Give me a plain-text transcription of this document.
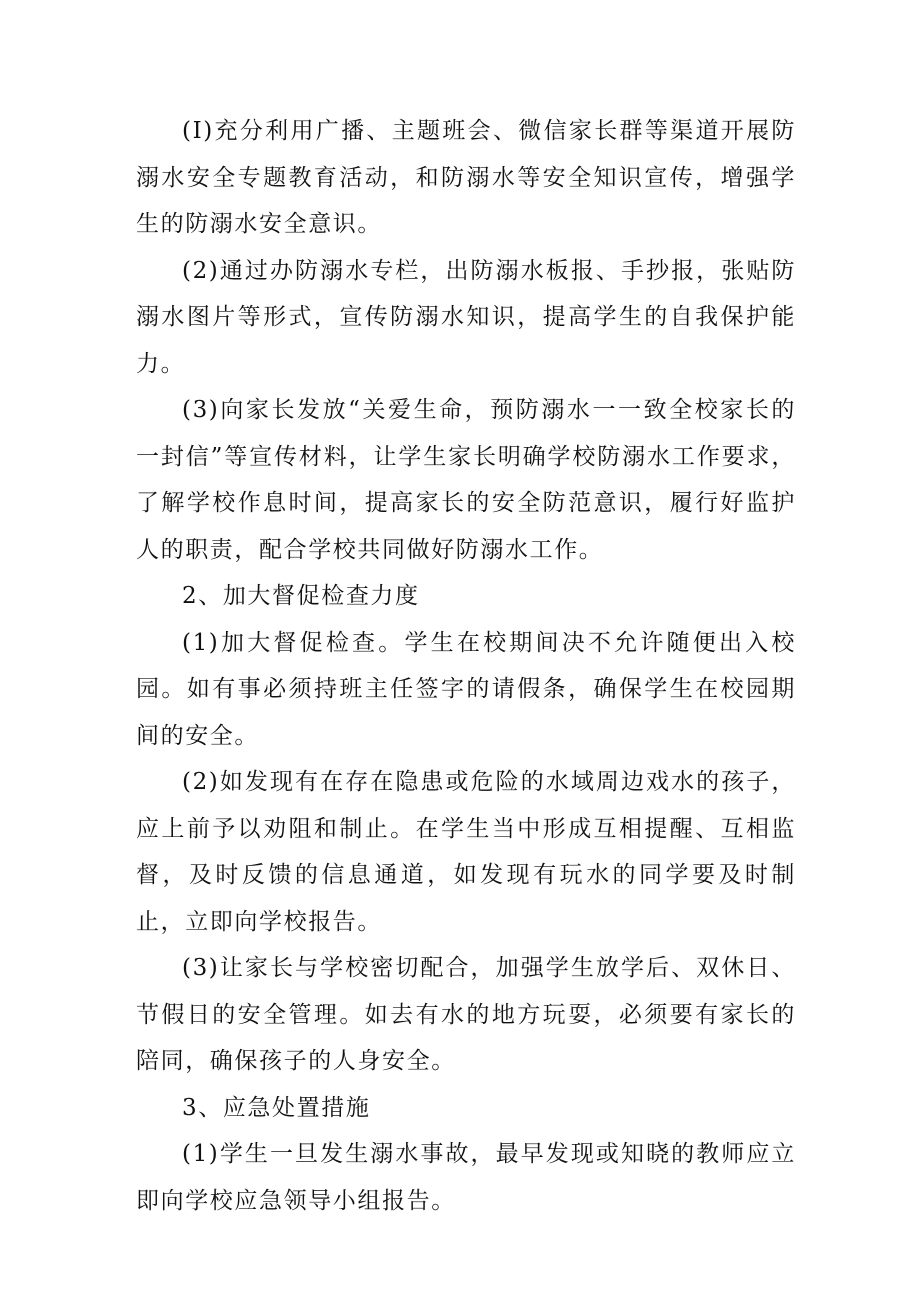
(I)充分利用广播、主题班会、微信家长群等渠道开展防溺水安全专题教育活动，和防溺水等安全知识宣传，增强学生的防溺水安全意识。

(2)通过办防溺水专栏，出防溺水板报、手抄报，张贴防溺水图片等形式，宣传防溺水知识，提高学生的自我保护能力。

(3)向家长发放“关爱生命，预防溺水一一致全校家长的一封信”等宣传材料，让学生家长明确学校防溺水工作要求，了解学校作息时间，提高家长的安全防范意识，履行好监护人的职责，配合学校共同做好防溺水工作。

2、加大督促检查力度

(1)加大督促检查。学生在校期间决不允许随便出入校园。如有事必须持班主任签字的请假条，确保学生在校园期间的安全。

(2)如发现有在存在隐患或危险的水域周边戏水的孩子，应上前予以劝阻和制止。在学生当中形成互相提醒、互相监督，及时反馈的信息通道，如发现有玩水的同学要及时制止，立即向学校报告。

(3)让家长与学校密切配合，加强学生放学后、双休日、节假日的安全管理。如去有水的地方玩耍，必须要有家长的陪同，确保孩子的人身安全。

3、应急处置措施

(1)学生一旦发生溺水事故，最早发现或知晓的教师应立即向学校应急领导小组报告。
